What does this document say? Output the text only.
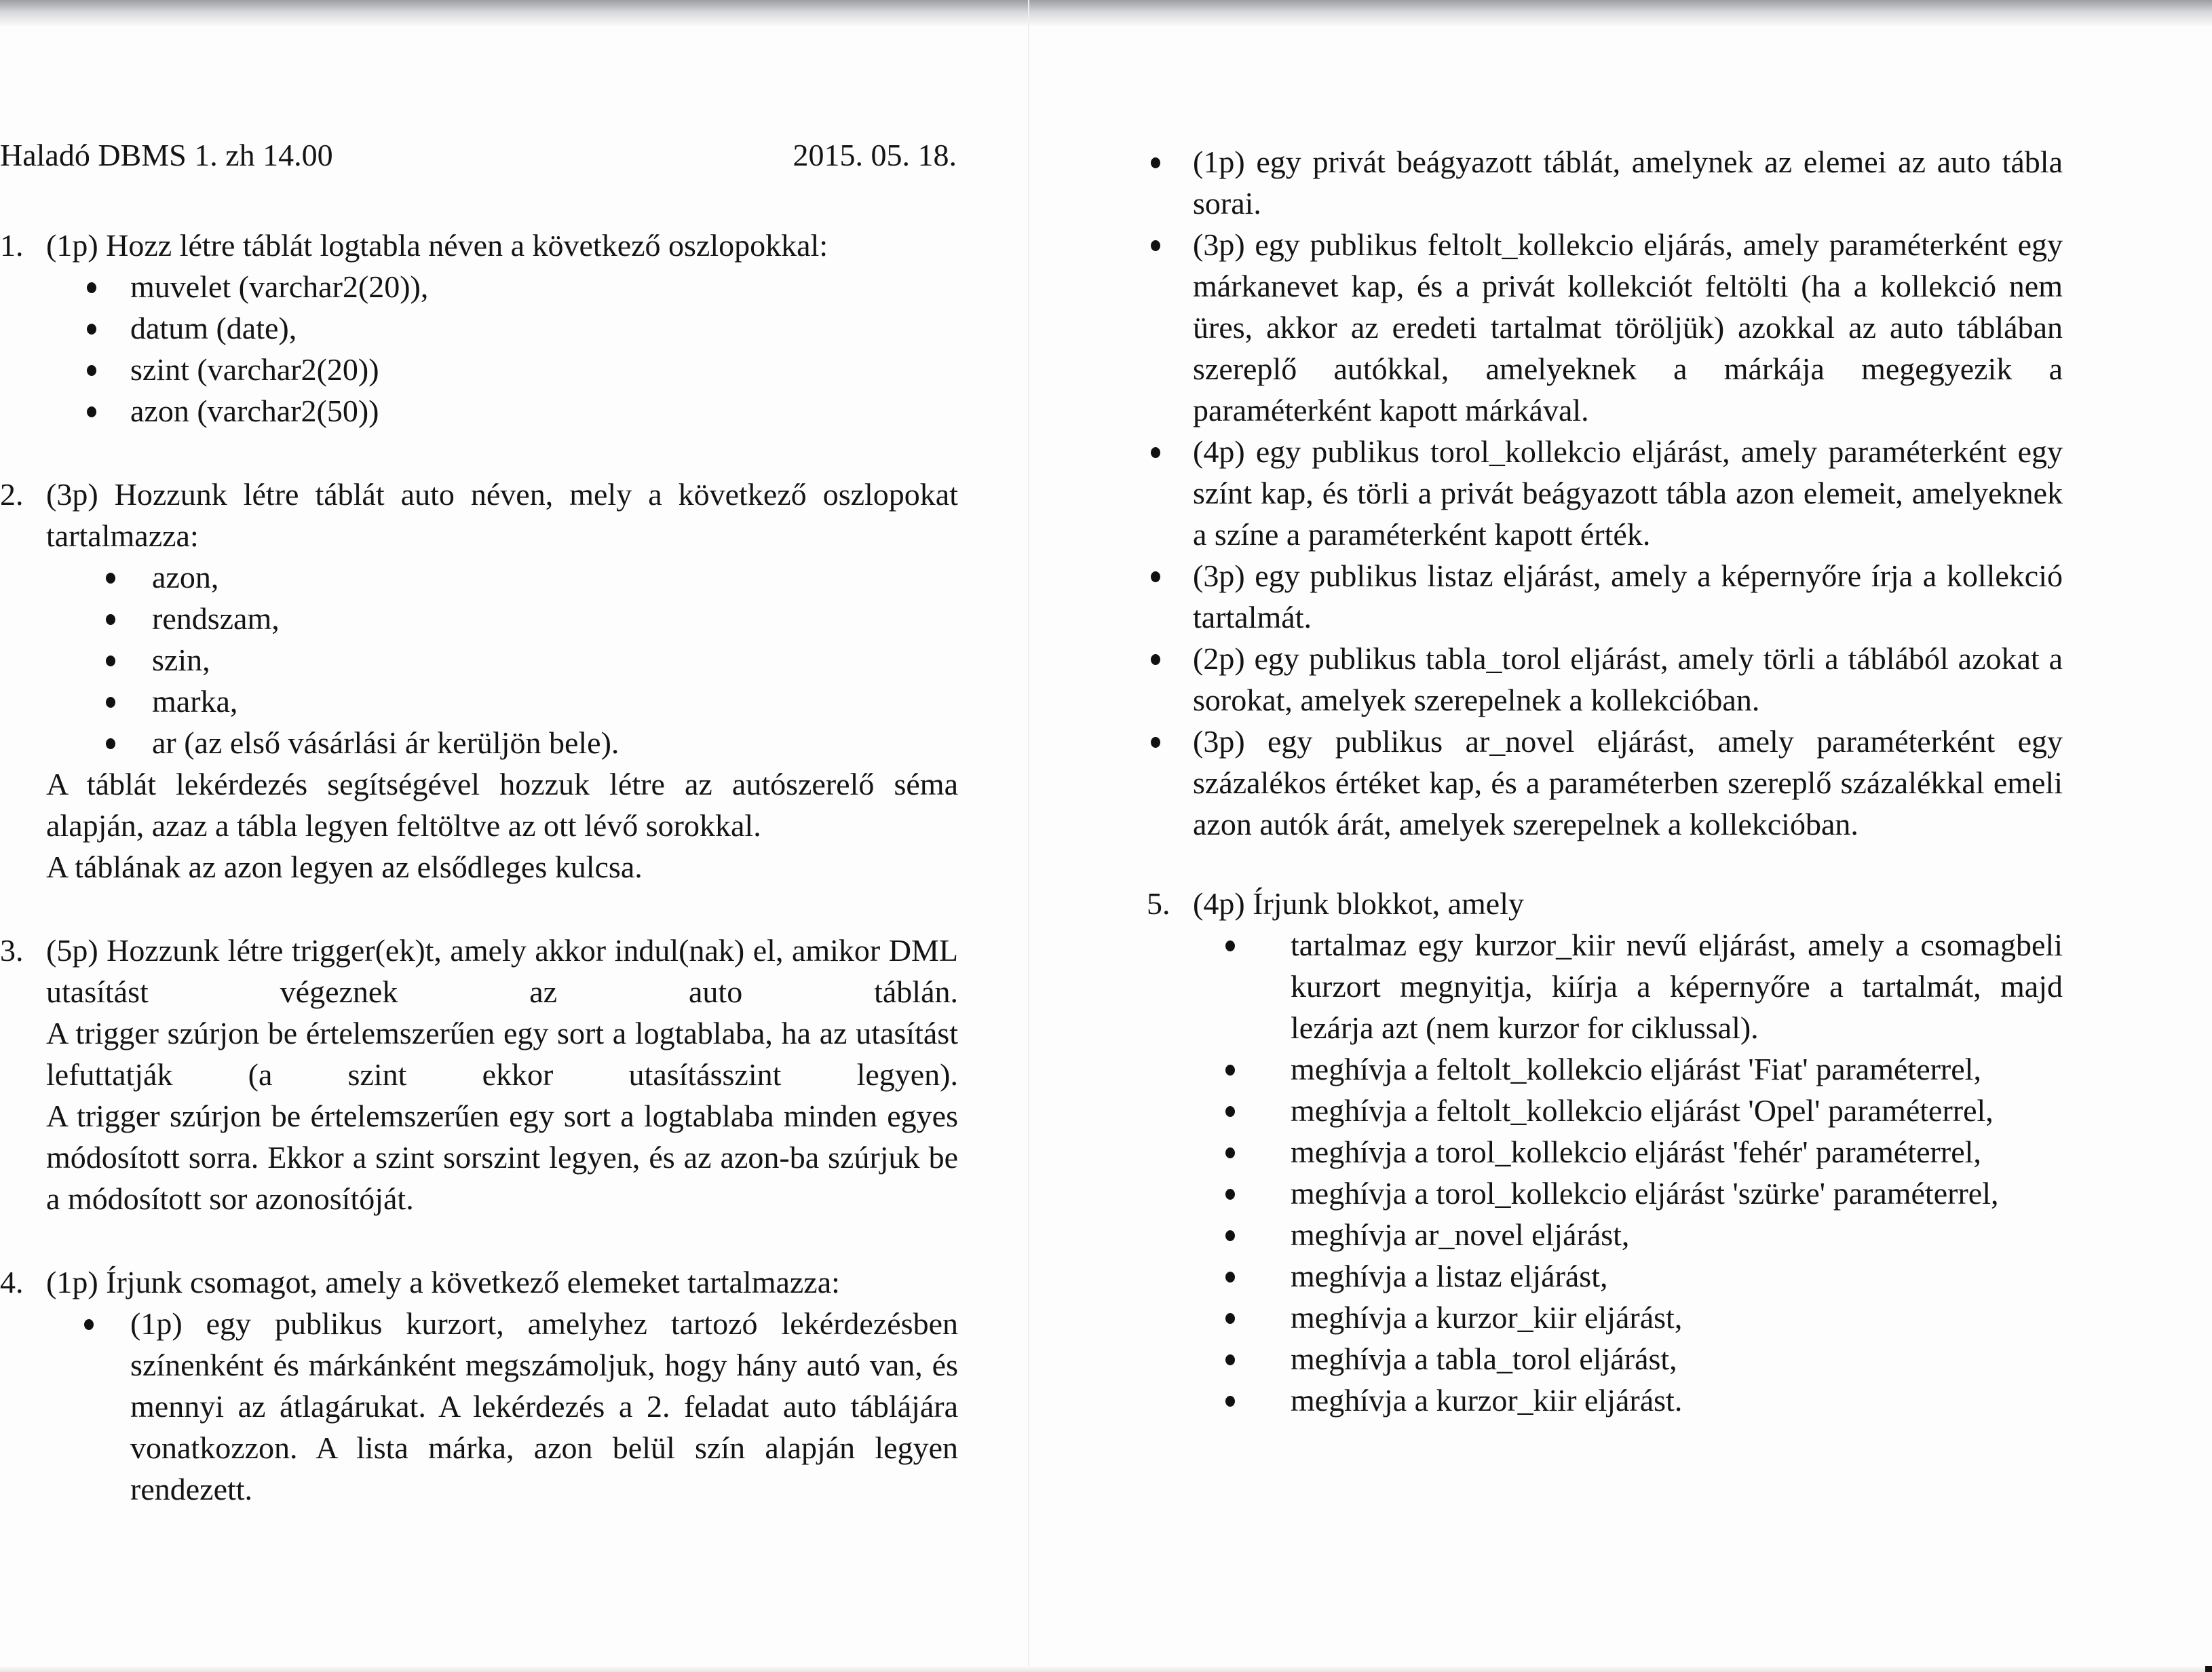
Haladó DBMS 1. zh 14.00	2015. 05. 18.
1. (1p) Hozz létre táblát logtabla néven a következő oszlopokkal:
muvelet (varchar2(20)),
datum (date),
szint (varchar2(20))
azon (varchar2(50))
2. (3p) Hozzunk létre táblát auto néven, mely a következő oszlopokat tartalmazza:
azon,
rendszam,
szin,
marka,
ar (az első vásárlási ár kerüljön bele).
A táblát lekérdezés segítségével hozzuk létre az autószerelő séma alapján, azaz a tábla legyen feltöltve az ott lévő sorokkal.
A táblának az azon legyen az elsődleges kulcsa.
3. (5p) Hozzunk létre trigger(ek)t, amely akkor indul(nak) el, amikor DML utasítást végeznek az auto táblán.
A trigger szúrjon be értelemszerűen egy sort a logtablaba, ha az utasítást lefuttatják (a szint ekkor utasításszint legyen).
A trigger szúrjon be értelemszerűen egy sort a logtablaba minden egyes módosított sorra. Ekkor a szint sorszint legyen, és az azon-ba szúrjuk be a módosított sor azonosítóját.
4. (1p) Írjunk csomagot, amely a következő elemeket tartalmazza:
(1p) egy publikus kurzort, amelyhez tartozó lekérdezésben színenként és márkánként megszámoljuk, hogy hány autó van, és mennyi az átlagárukat. A lekérdezés a 2. feladat auto táblájára vonatkozzon. A lista márka, azon belül szín alapján legyen rendezett.
(1p) egy privát beágyazott táblát, amelynek az elemei az auto tábla sorai.
(3p) egy publikus feltolt_kollekcio eljárás, amely paraméterként egy márkanevet kap, és a privát kollekciót feltölti (ha a kollekció nem üres, akkor az eredeti tartalmat töröljük) azokkal az auto táblában szereplő autókkal, amelyeknek a márkája megegyezik a paraméterként kapott márkával.
(4p) egy publikus torol_kollekcio eljárást, amely paraméterként egy színt kap, és törli a privát beágyazott tábla azon elemeit, amelyeknek a színe a paraméterként kapott érték.
(3p) egy publikus listaz eljárást, amely a képernyőre írja a kollekció tartalmát.
(2p) egy publikus tabla_torol eljárást, amely törli a táblából azokat a sorokat, amelyek szerepelnek a kollekcióban.
(3p) egy publikus ar_novel eljárást, amely paraméterként egy százalékos értéket kap, és a paraméterben szereplő százalékkal emeli azon autók árát, amelyek szerepelnek a kollekcióban.
5. (4p) Írjunk blokkot, amely
tartalmaz egy kurzor_kiir nevű eljárást, amely a csomagbeli kurzort megnyitja, kiírja a képernyőre a tartalmát, majd lezárja azt (nem kurzor for ciklussal).
meghívja a feltolt_kollekcio eljárást 'Fiat' paraméterrel,
meghívja a feltolt_kollekcio eljárást 'Opel' paraméterrel,
meghívja a torol_kollekcio eljárást 'fehér' paraméterrel,
meghívja a torol_kollekcio eljárást 'szürke' paraméterrel,
meghívja ar_novel eljárást,
meghívja a listaz eljárást,
meghívja a kurzor_kiir eljárást,
meghívja a tabla_torol eljárást,
meghívja a kurzor_kiir eljárást.
